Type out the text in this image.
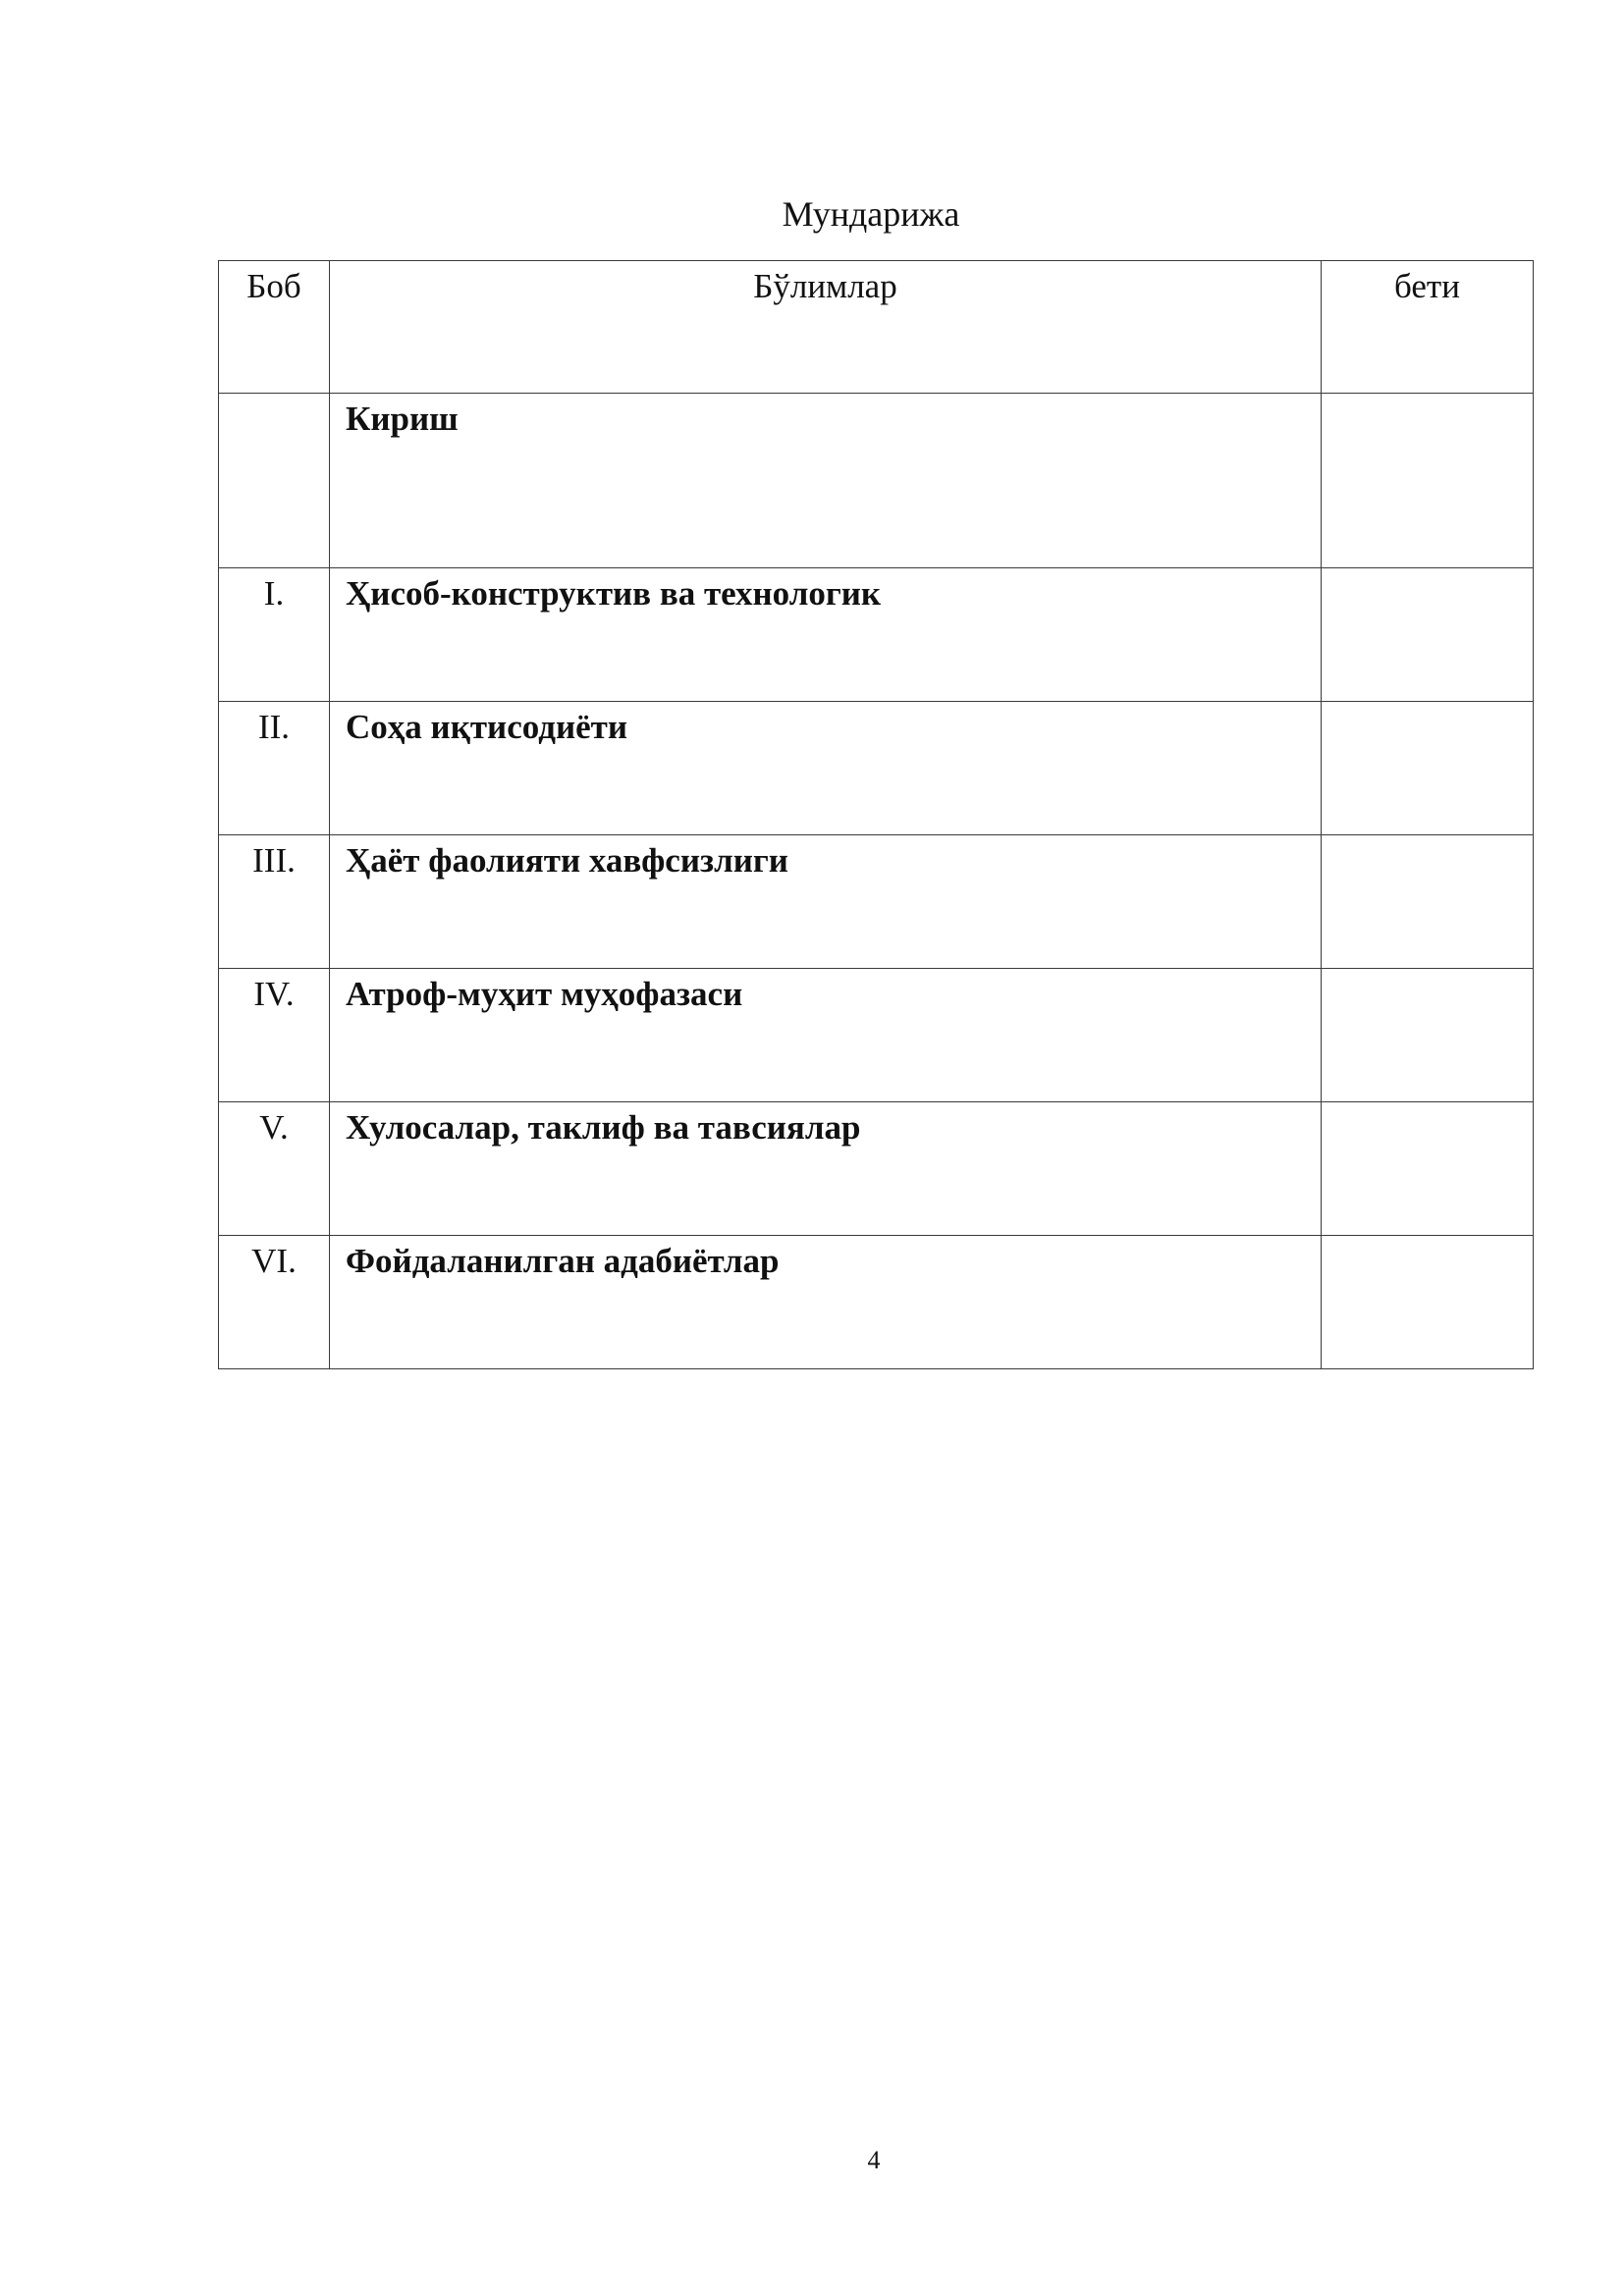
Мундарижа
Боб	Бўлимлар	бети
	Кириш	
I.	Ҳисоб-конструктив ва технологик	
II.	Соҳа иқтисодиёти	
III.	Ҳаёт фаолияти хавфсизлиги	
IV.	Атроф-муҳит муҳофазаси	
V.	Хулосалар, таклиф ва тавсиялар	
VI.	Фойдаланилган адабиётлар	
4
